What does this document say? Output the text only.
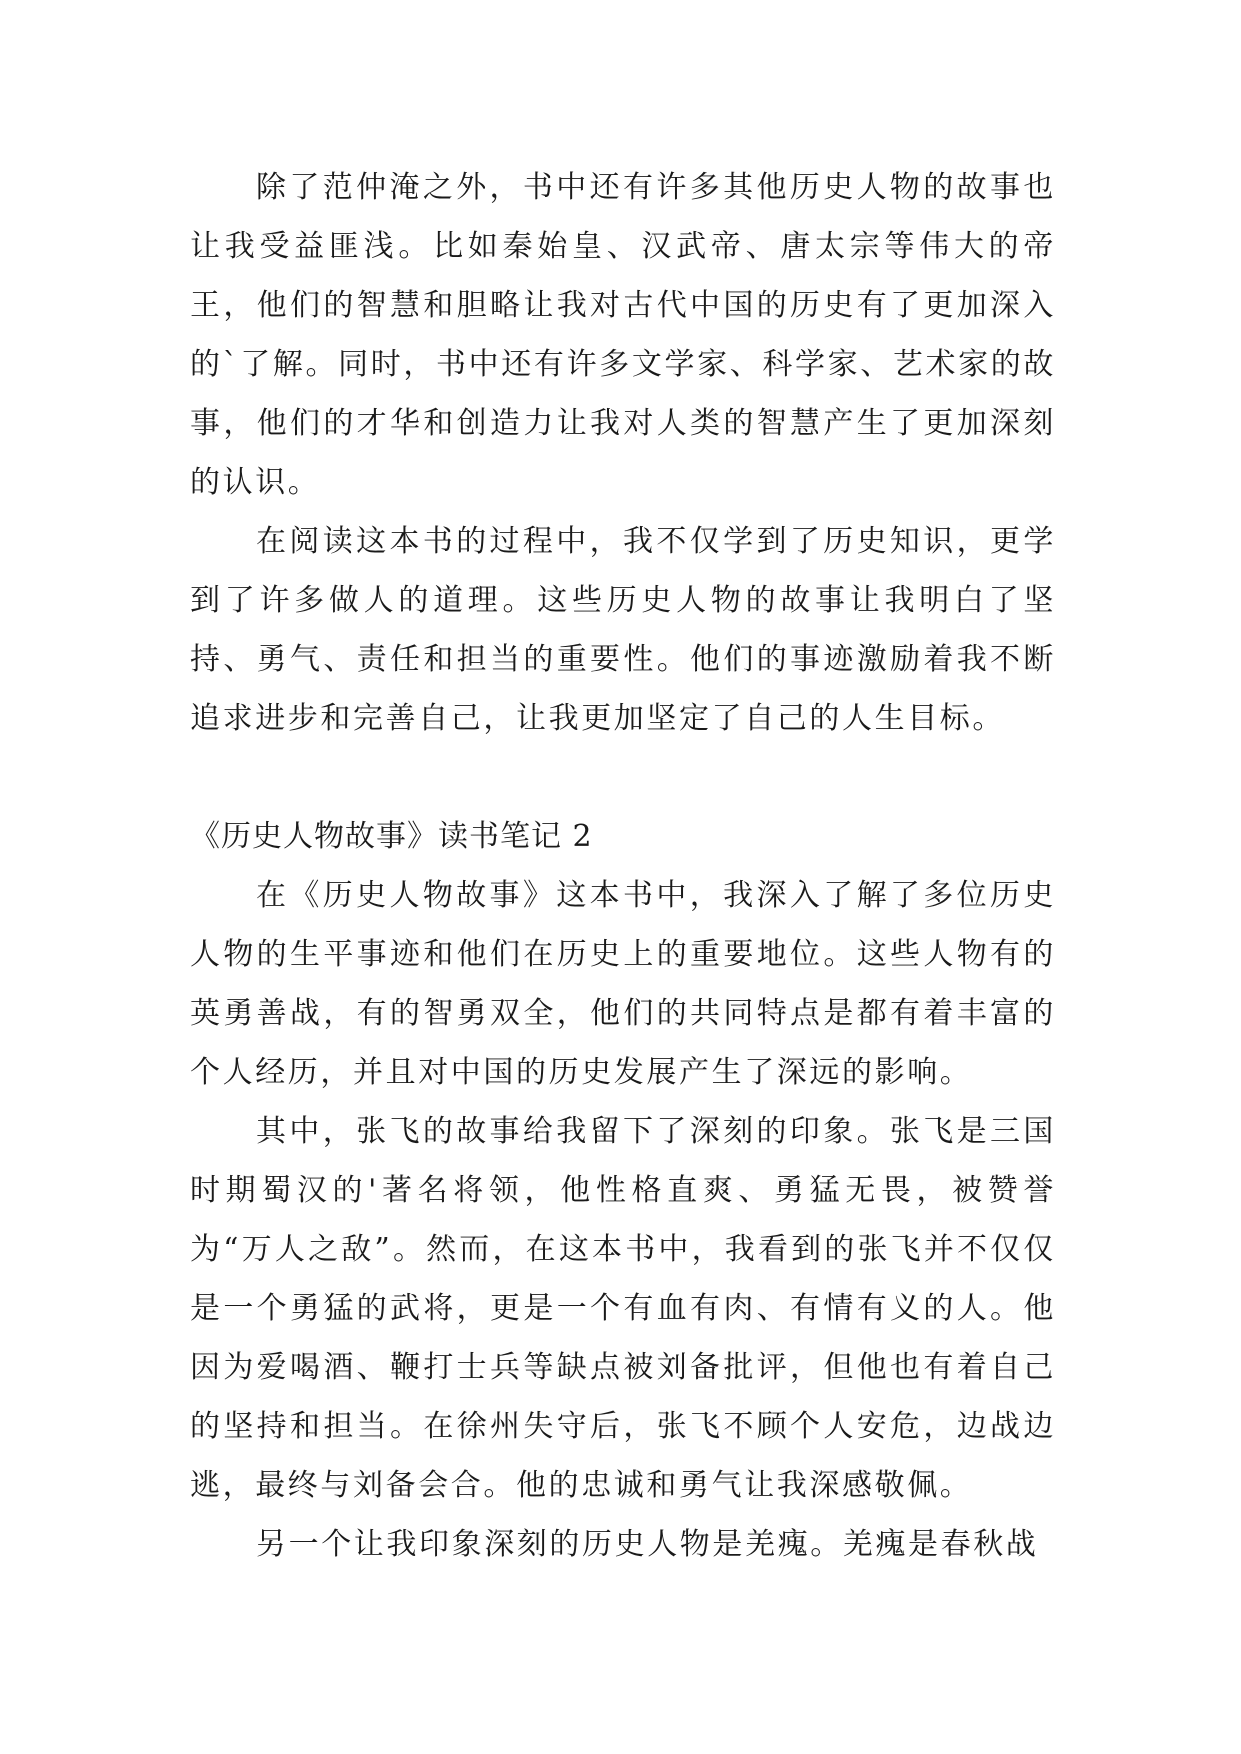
除了范仲淹之外，书中还有许多其他历史人物的故事也让我受益匪浅。比如秦始皇、汉武帝、唐太宗等伟大的帝王，他们的智慧和胆略让我对古代中国的历史有了更加深入的`了解。同时，书中还有许多文学家、科学家、艺术家的故事，他们的才华和创造力让我对人类的智慧产生了更加深刻的认识。

在阅读这本书的过程中，我不仅学到了历史知识，更学到了许多做人的道理。这些历史人物的故事让我明白了坚持、勇气、责任和担当的重要性。他们的事迹激励着我不断追求进步和完善自己，让我更加坚定了自己的人生目标。

《历史人物故事》读书笔记 2

在《历史人物故事》这本书中，我深入了解了多位历史人物的生平事迹和他们在历史上的重要地位。这些人物有的英勇善战，有的智勇双全，他们的共同特点是都有着丰富的个人经历，并且对中国的历史发展产生了深远的影响。

其中，张飞的故事给我留下了深刻的印象。张飞是三国时期蜀汉的'著名将领，他性格直爽、勇猛无畏，被赞誉为“万人之敌”。然而，在这本书中，我看到的张飞并不仅仅是一个勇猛的武将，更是一个有血有肉、有情有义的人。他因为爱喝酒、鞭打士兵等缺点被刘备批评，但他也有着自己的坚持和担当。在徐州失守后，张飞不顾个人安危，边战边逃，最终与刘备会合。他的忠诚和勇气让我深感敬佩。

另一个让我印象深刻的历史人物是羌瘣。羌瘣是春秋战
